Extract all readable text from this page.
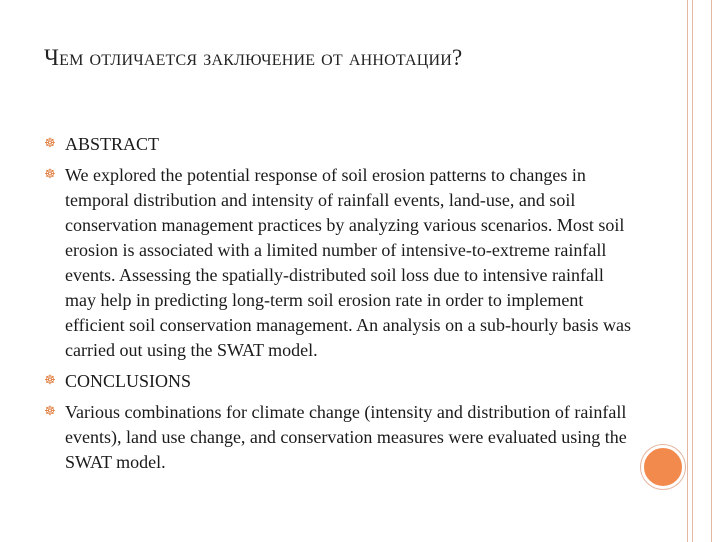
Чем отличается заключение от аннотации?
☸ ABSTRACT
☸ We explored the potential response of soil erosion patterns to changes in temporal distribution and intensity of rainfall events, land-use, and soil conservation management practices by analyzing various scenarios. Most soil erosion is associated with a limited number of intensive-to-extreme rainfall events. Assessing the spatially-distributed soil loss due to intensive rainfall may help in predicting long-term soil erosion rate in order to implement efficient soil conservation management. An analysis on a sub-hourly basis was carried out using the SWAT model.
☸ CONCLUSIONS
☸ Various combinations for climate change (intensity and distribution of rainfall events), land use change, and conservation measures were evaluated using the SWAT model.
